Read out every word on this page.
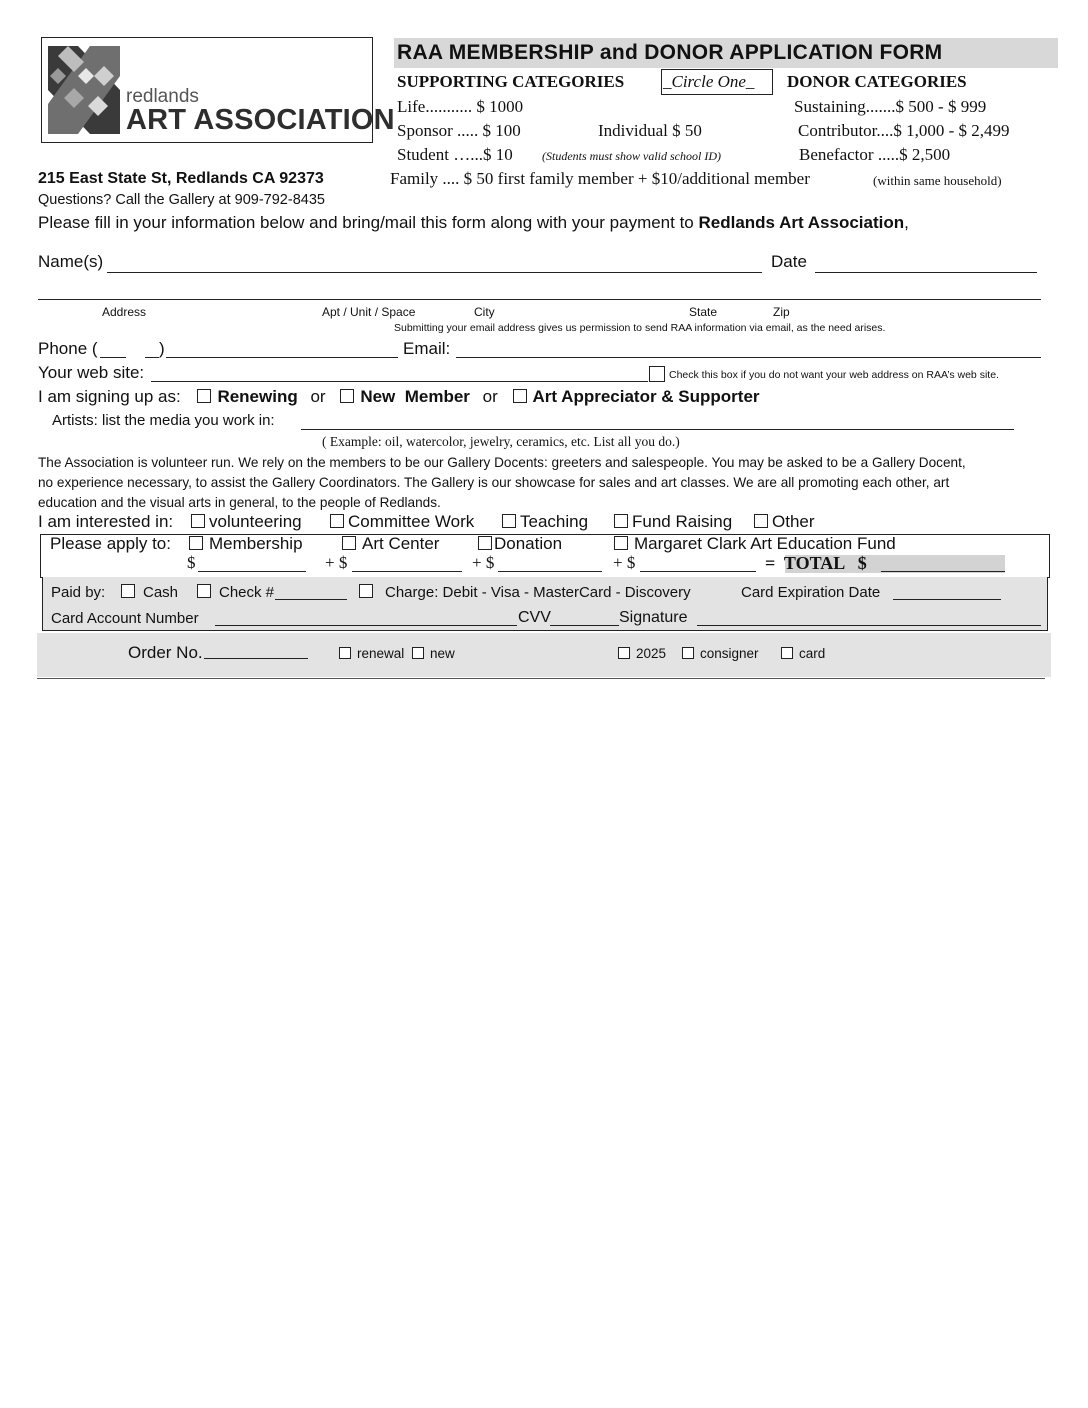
redlands
ART ASSOCIATION
RAA MEMBERSHIP and DONOR APPLICATION FORM
SUPPORTING CATEGORIES _Circle One_ DONOR CATEGORIES
Life........... $ 1000
Sponsor ..... $ 100	Individual $ 50
Student …...$ 10 (Students must show valid school ID)
Family .... $ 50 first family member + $10/additional member	(within same household)
Sustaining.......$ 500 - $ 999
Contributor....$ 1,000 - $ 2,499
Benefactor .....$ 2,500
215 East State St, Redlands CA 92373
Questions? Call the Gallery at 909-792-8435
Please fill in your information below and bring/mail this form along with your payment to Redlands Art Association,
Name(s)	Date
Address	Apt / Unit / Space	City	State	Zip
Submitting your email address gives us permission to send RAA information via email, as the need arises.
Phone (	)	Email:
Your web site:	Check this box if you do not want your web address on RAA’s web site.
I am signing up as: Renewing or New  Member or Art Appreciator & Supporter
Artists: list the media you work in:
( Example: oil, watercolor, jewelry, ceramics, etc. List all you do.)
The Association is volunteer run. We rely on the members to be our Gallery Docents: greeters and salespeople. You may be asked to be a Gallery Docent,
no experience necessary, to assist the Gallery Coordinators. The Gallery is our showcase for sales and art classes. We are all promoting each other, art
education and the visual arts in general, to the people of Redlands.
I am interested in:	volunteering	Committee Work	Teaching	Fund Raising	Other
Please apply to:	Membership	Art Center	Donation	Margaret Clark Art Education Fund
$	+ $	+ $	+ $	=  TOTAL   $
Paid by:	Cash	Check #	Charge: Debit - Visa - MasterCard - Discovery	Card Expiration Date
Card Account Number	CVV	Signature
Order No.	renewal	new	2025	consigner	card
